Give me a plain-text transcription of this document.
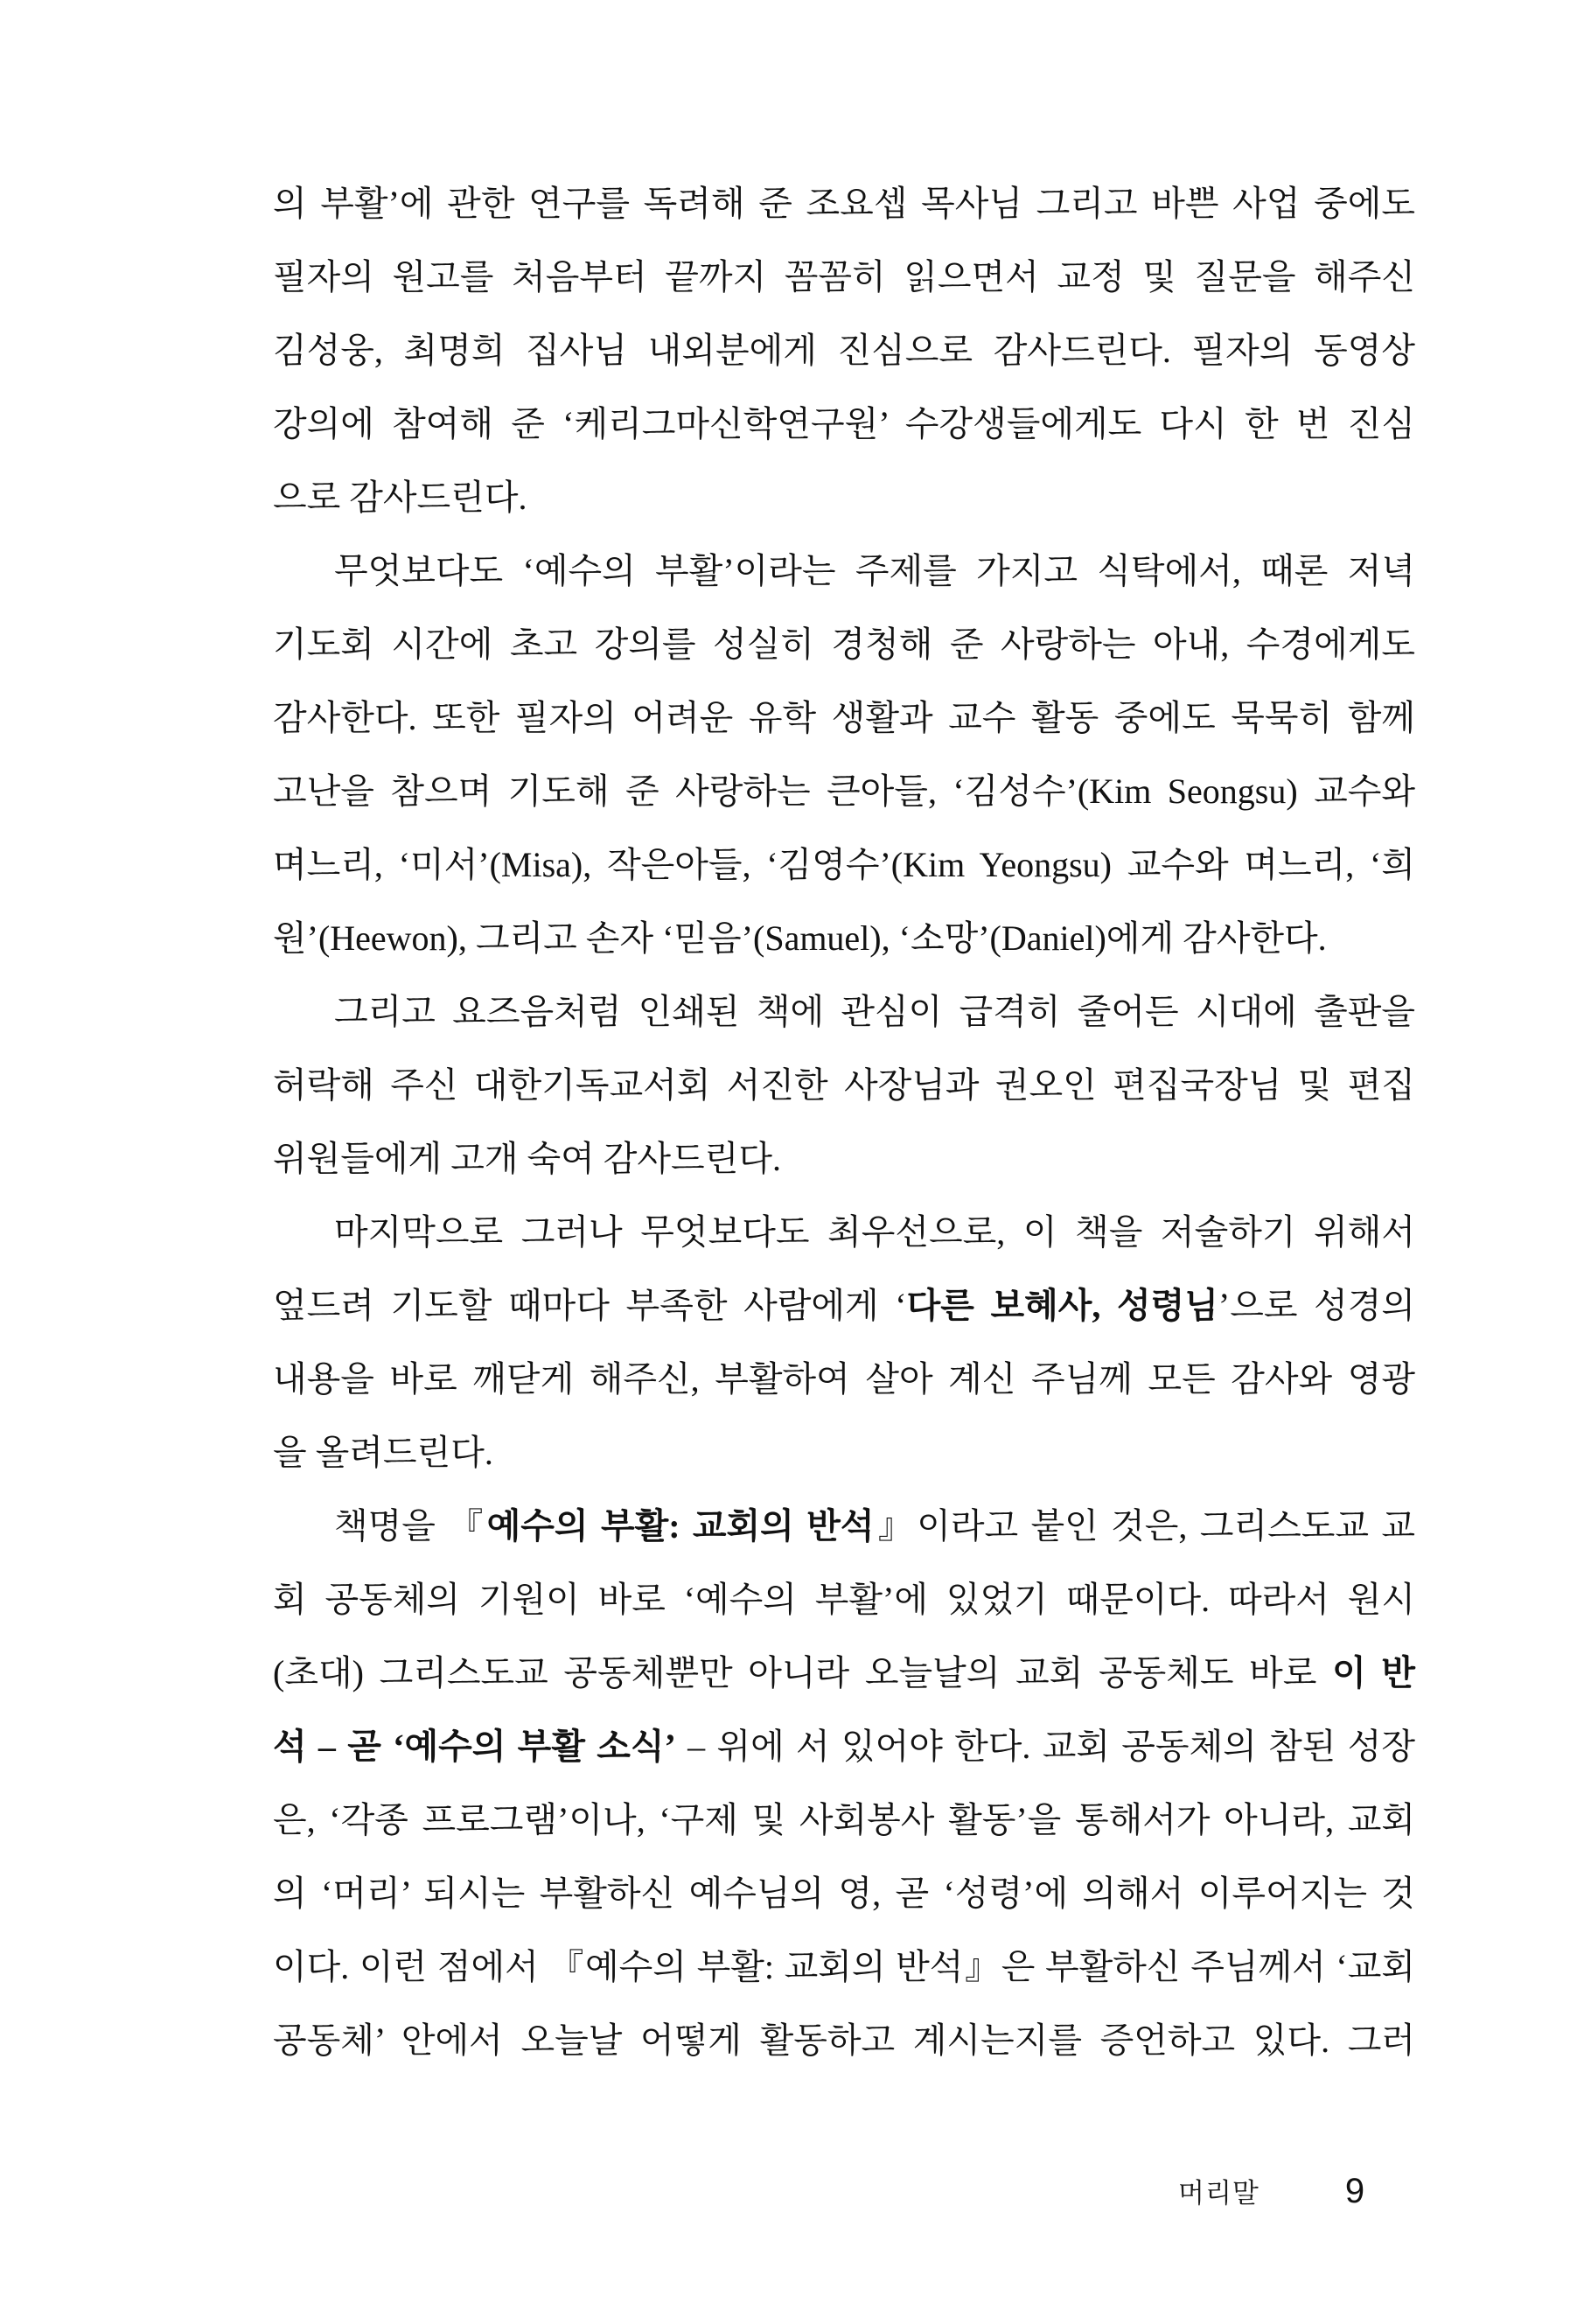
의 부활’에 관한 연구를 독려해 준 조요셉 목사님 그리고 바쁜 사업 중에도
필자의 원고를 처음부터 끝까지 꼼꼼히 읽으면서 교정 및 질문을 해주신
김성웅, 최명희 집사님 내외분에게 진심으로 감사드린다. 필자의 동영상
강의에 참여해 준 ‘케리그마신학연구원’ 수강생들에게도 다시 한 번 진심
으로 감사드린다.
무엇보다도 ‘예수의 부활’이라는 주제를 가지고 식탁에서, 때론 저녁
기도회 시간에 초고 강의를 성실히 경청해 준 사랑하는 아내, 수경에게도
감사한다. 또한 필자의 어려운 유학 생활과 교수 활동 중에도 묵묵히 함께
고난을 참으며 기도해 준 사랑하는 큰아들, ‘김성수’(Kim Seongsu) 교수와
며느리, ‘미서’(Misa), 작은아들, ‘김영수’(Kim Yeongsu) 교수와 며느리, ‘희
원’(Heewon), 그리고 손자 ‘믿음’(Samuel), ‘소망’(Daniel)에게 감사한다.
그리고 요즈음처럼 인쇄된 책에 관심이 급격히 줄어든 시대에 출판을
허락해 주신 대한기독교서회 서진한 사장님과 권오인 편집국장님 및 편집
위원들에게 고개 숙여 감사드린다.
마지막으로 그러나 무엇보다도 최우선으로, 이 책을 저술하기 위해서
엎드려 기도할 때마다 부족한 사람에게 ‘다른 보혜사, 성령님’으로 성경의
내용을 바로 깨닫게 해주신, 부활하여 살아 계신 주님께 모든 감사와 영광
을 올려드린다.
책명을 『예수의 부활: 교회의 반석』이라고 붙인 것은, 그리스도교 교
회 공동체의 기원이 바로 ‘예수의 부활’에 있었기 때문이다. 따라서 원시
(초대) 그리스도교 공동체뿐만 아니라 오늘날의 교회 공동체도 바로 이 반
석 – 곧 ‘예수의 부활 소식’ – 위에 서 있어야 한다. 교회 공동체의 참된 성장
은, ‘각종 프로그램’이나, ‘구제 및 사회봉사 활동’을 통해서가 아니라, 교회
의 ‘머리’ 되시는 부활하신 예수님의 영, 곧 ‘성령’에 의해서 이루어지는 것
이다. 이런 점에서 『예수의 부활: 교회의 반석』은 부활하신 주님께서 ‘교회
공동체’ 안에서 오늘날 어떻게 활동하고 계시는지를 증언하고 있다. 그러
머리말 9
